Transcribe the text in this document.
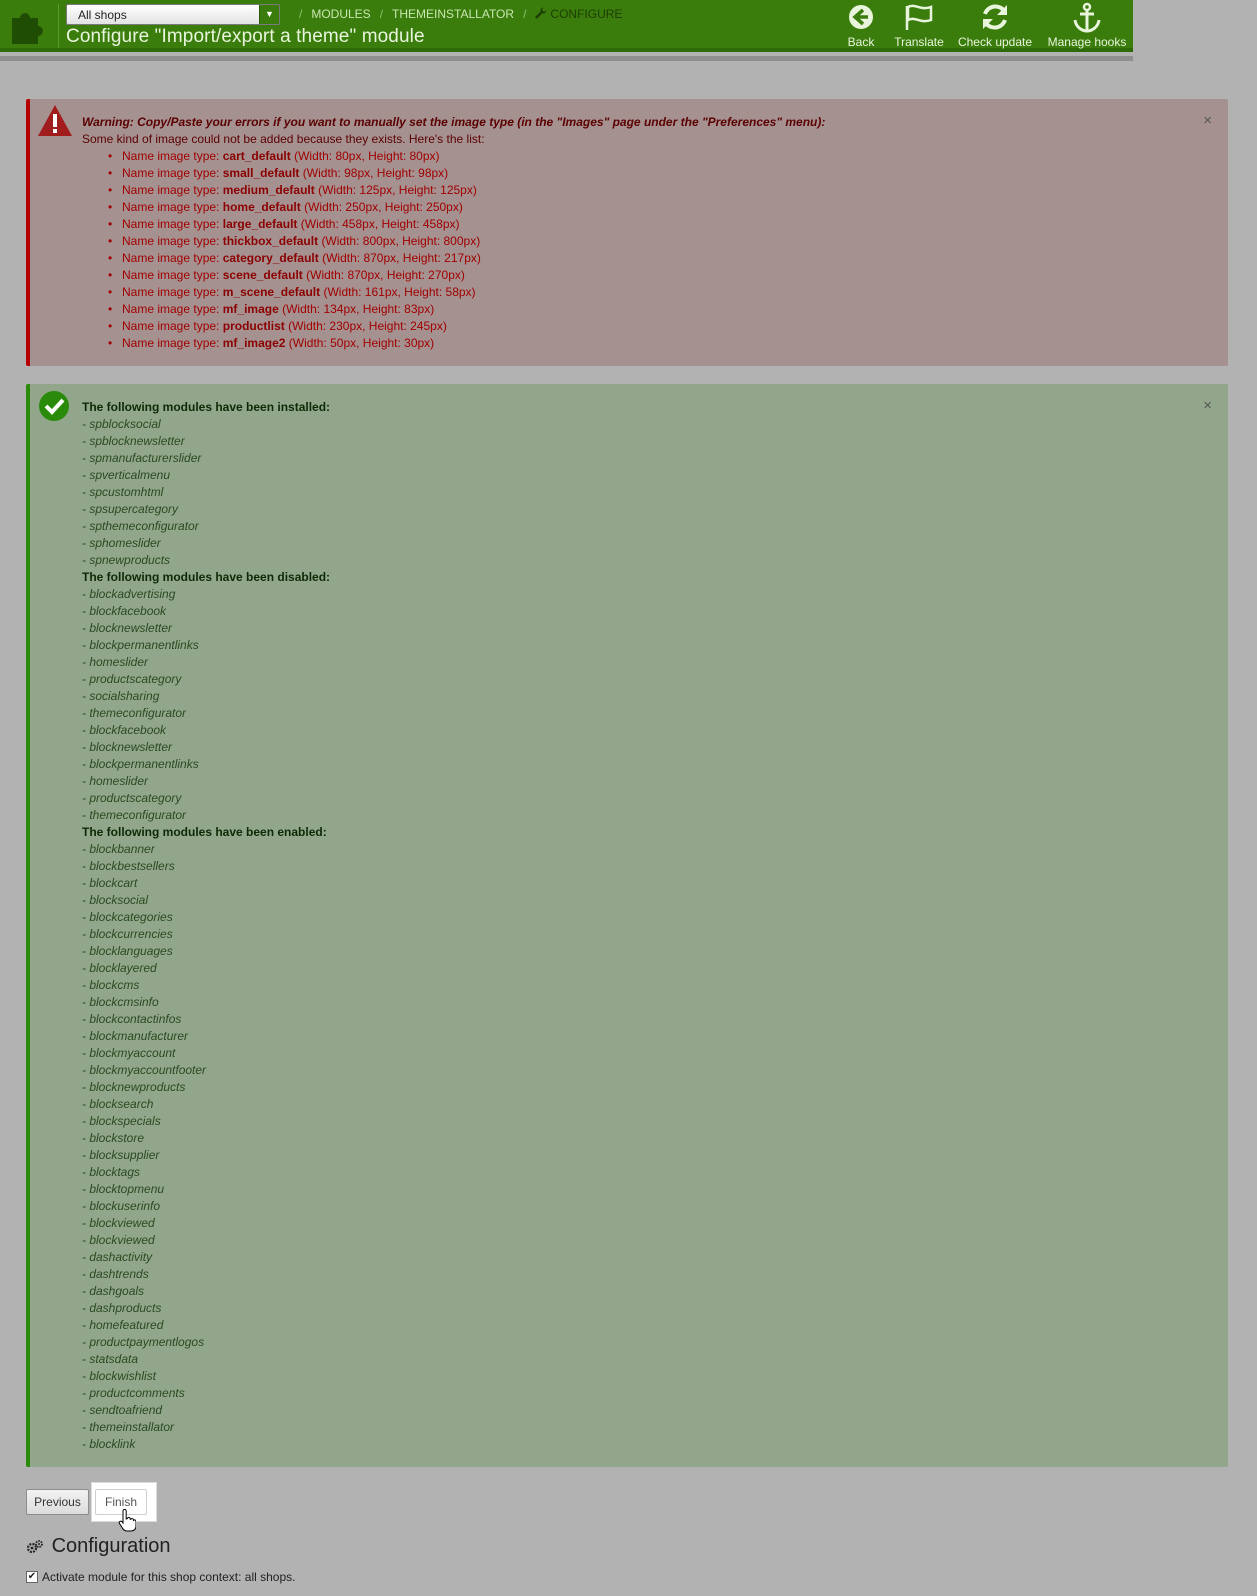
All shops	▼	/ MODULES / THEMEINSTALLATOR / CONFIGURE
Configure "Import/export a theme" module	Back	Translate	Check update	Manage hooks
×
Warning: Copy/Paste your errors if you want to manually set the image type (in the "Images" page under the "Preferences" menu):
Some kind of image could not be added because they exists. Here's the list:
• Name image type: cart_default (Width: 80px, Height: 80px)
• Name image type: small_default (Width: 98px, Height: 98px)
• Name image type: medium_default (Width: 125px, Height: 125px)
• Name image type: home_default (Width: 250px, Height: 250px)
• Name image type: large_default (Width: 458px, Height: 458px)
• Name image type: thickbox_default (Width: 800px, Height: 800px)
• Name image type: category_default (Width: 870px, Height: 217px)
• Name image type: scene_default (Width: 870px, Height: 270px)
• Name image type: m_scene_default (Width: 161px, Height: 58px)
• Name image type: mf_image (Width: 134px, Height: 83px)
• Name image type: productlist (Width: 230px, Height: 245px)
• Name image type: mf_image2 (Width: 50px, Height: 30px)
×
The following modules have been installed:
- spblocksocial
- spblocknewsletter
- spmanufacturerslider
- spverticalmenu
- spcustomhtml
- spsupercategory
- spthemeconfigurator
- sphomeslider
- spnewproducts
The following modules have been disabled:
- blockadvertising
- blockfacebook
- blocknewsletter
- blockpermanentlinks
- homeslider
- productscategory
- socialsharing
- themeconfigurator
- blockfacebook
- blocknewsletter
- blockpermanentlinks
- homeslider
- productscategory
- themeconfigurator
The following modules have been enabled:
- blockbanner
- blockbestsellers
- blockcart
- blocksocial
- blockcategories
- blockcurrencies
- blocklanguages
- blocklayered
- blockcms
- blockcmsinfo
- blockcontactinfos
- blockmanufacturer
- blockmyaccount
- blockmyaccountfooter
- blocknewproducts
- blocksearch
- blockspecials
- blockstore
- blocksupplier
- blocktags
- blocktopmenu
- blockuserinfo
- blockviewed
- blockviewed
- dashactivity
- dashtrends
- dashgoals
- dashproducts
- homefeatured
- productpaymentlogos
- statsdata
- blockwishlist
- productcomments
- sendtoafriend
- themeinstallator
- blocklink
Previous	Finish
Configuration
✔ Activate module for this shop context: all shops.
